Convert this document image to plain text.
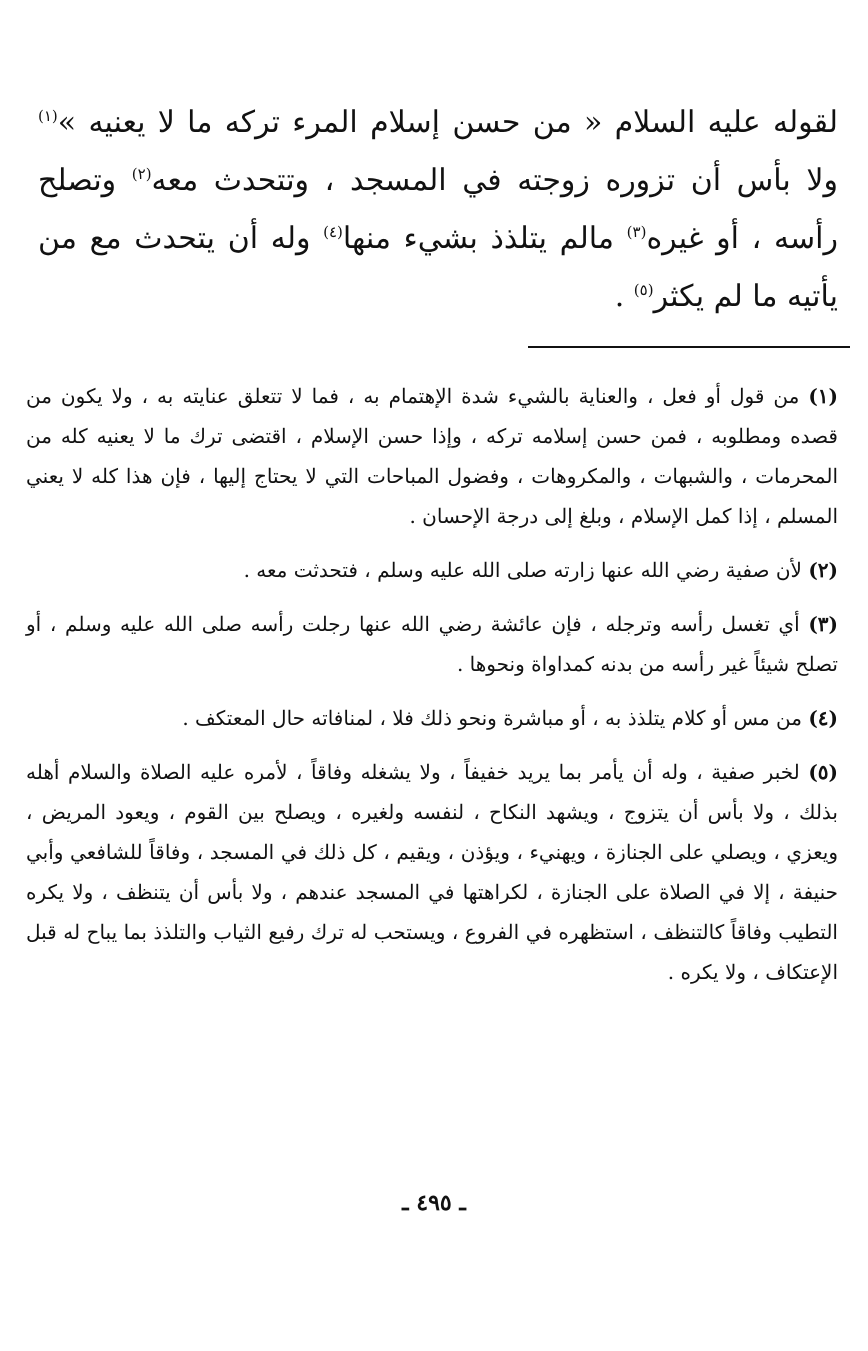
لقوله عليه السلام « من حسن إسلام المرء تركه ما لا يعنيه »$^{(١)}$ ولا بأس أن تزوره زوجته في المسجد ، وتتحدث معه$^{(٢)}$ وتصلح رأسه ، أو غيره$^{(٣)}$ مالم يتلذذ بشيء منها$^{(٤)}$ وله أن يتحدث مع من يأتيه ما لم يكثر$^{(٥)}$ .

(١) من قول أو فعل ، والعناية بالشيء شدة الإهتمام به ، فما لا تتعلق عنايته به ، ولا يكون من قصده ومطلوبه ، فمن حسن إسلامه تركه ، وإذا حسن الإسلام ، اقتضى ترك ما لا يعنيه كله من المحرمات ، والشبهات ، والمكروهات ، وفضول المباحات التي لا يحتاج إليها ، فإن هذا كله لا يعني المسلم ، إذا كمل الإسلام ، وبلغ إلى درجة الإحسان .

(٢) لأن صفية رضي الله عنها زارته صلى الله عليه وسلم ، فتحدثت معه .

(٣) أي تغسل رأسه وترجله ، فإن عائشة رضي الله عنها رجلت رأسه صلى الله عليه وسلم ، أو تصلح شيئاً غير رأسه من بدنه كمداواة ونحوها .

(٤) من مس أو كلام يتلذذ به ، أو مباشرة ونحو ذلك فلا ، لمنافاته حال المعتكف .

(٥) لخبر صفية ، وله أن يأمر بما يريد خفيفاً ، ولا يشغله وفاقاً ، لأمره عليه الصلاة والسلام أهله بذلك ، ولا بأس أن يتزوج ، ويشهد النكاح ، لنفسه ولغيره ، ويصلح بين القوم ، ويعود المريض ، ويعزي ، ويصلي على الجنازة ، ويهنيء ، ويؤذن ، ويقيم ، كل ذلك في المسجد ، وفاقاً للشافعي وأبي حنيفة ، إلا في الصلاة على الجنازة ، لكراهتها في المسجد عندهم ، ولا بأس أن يتنظف ، ولا يكره التطيب وفاقاً كالتنظف ، استظهره في الفروع ، ويستحب له ترك رفيع الثياب والتلذذ بما يباح له قبل الإعتكاف ، ولا يكره .

ـ ٤٩٥ ـ
